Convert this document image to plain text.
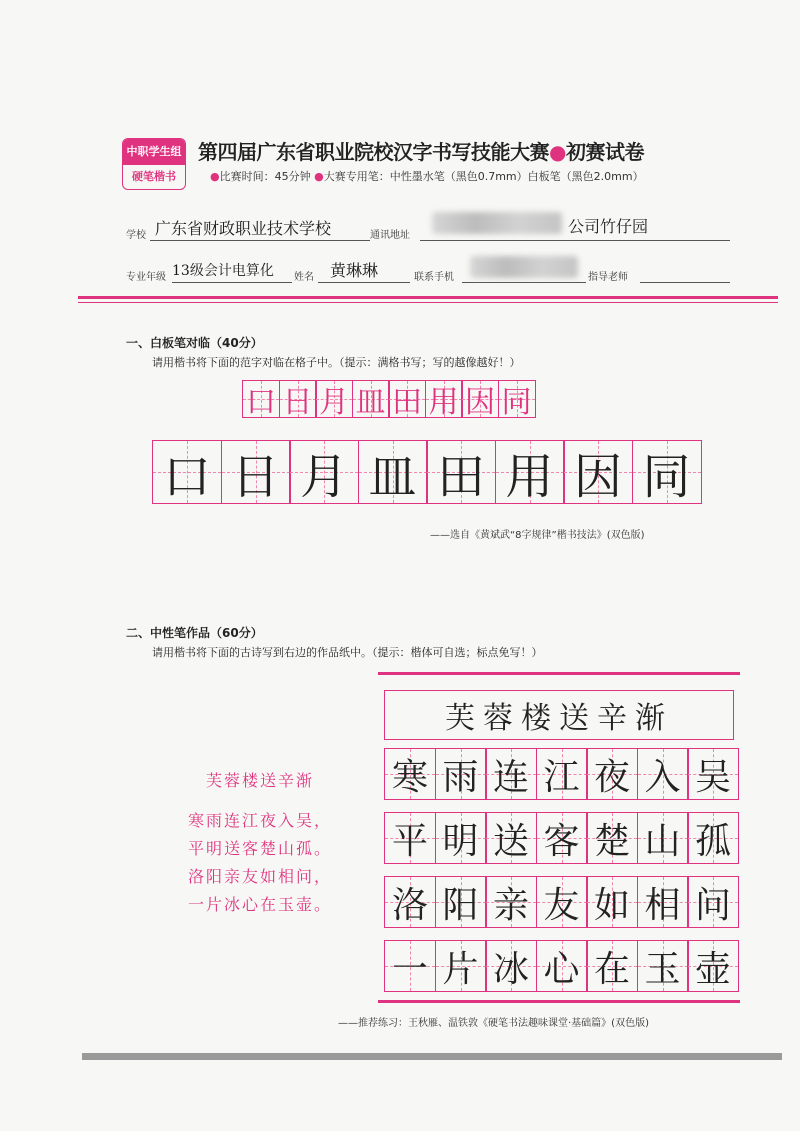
中职学生组
硬笔楷书
第四届广东省职业院校汉字书写技能大赛●初赛试卷
●比赛时间：45分钟 ●大赛专用笔：中性墨水笔（黑色0.7mm）白板笔（黑色2.0mm）
学校 广东省财政职业技术学校	通讯地址	公司竹仔园
专业年级 13级会计电算化 姓名 黄琳琳	联系手机	指导老师
一、白板笔对临（40分）
请用楷书将下面的范字对临在格子中。（提示：满格书写；写的越像越好！）
口 日 月 皿 田 用 因 同
口 日 月 皿 田 用 因 同
——选自《黄斌武“8字规律”楷书技法》(双色版)
二、中性笔作品（60分）
请用楷书将下面的古诗写到右边的作品纸中。（提示：楷体可自选；标点免写！）
芙蓉楼送辛渐
寒雨连江夜入吴，
平明送客楚山孤。
洛阳亲友如相问，
一片冰心在玉壶。
芙蓉楼送辛渐
寒 雨 连 江 夜 入 吴
平 明 送 客 楚 山 孤
洛 阳 亲 友 如 相 问
一 片 冰 心 在 玉 壶
——推荐练习：王秋雁、温铁敦《硬笔书法趣味课堂·基础篇》(双色版)
